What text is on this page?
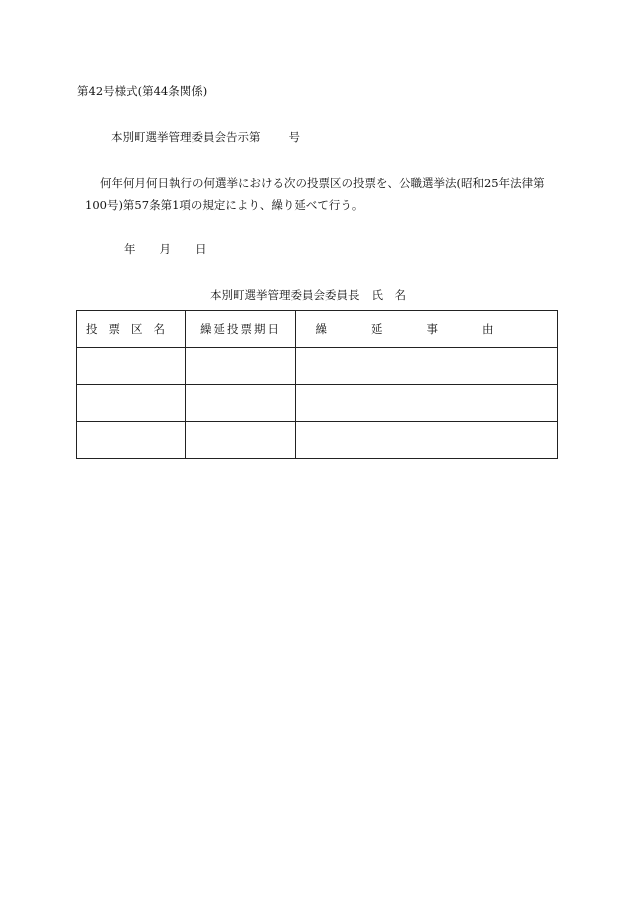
第42号様式(第44条関係)
本別町選挙管理委員会告示第 号
何年何月何日執行の何選挙における次の投票区の投票を、公職選挙法(昭和25年法律第
100号)第57条第1項の規定により、繰り延べて行う。
年 月 日
本別町選挙管理委員会委員長 氏　名
投票区名	繰延投票期日	繰延事由
